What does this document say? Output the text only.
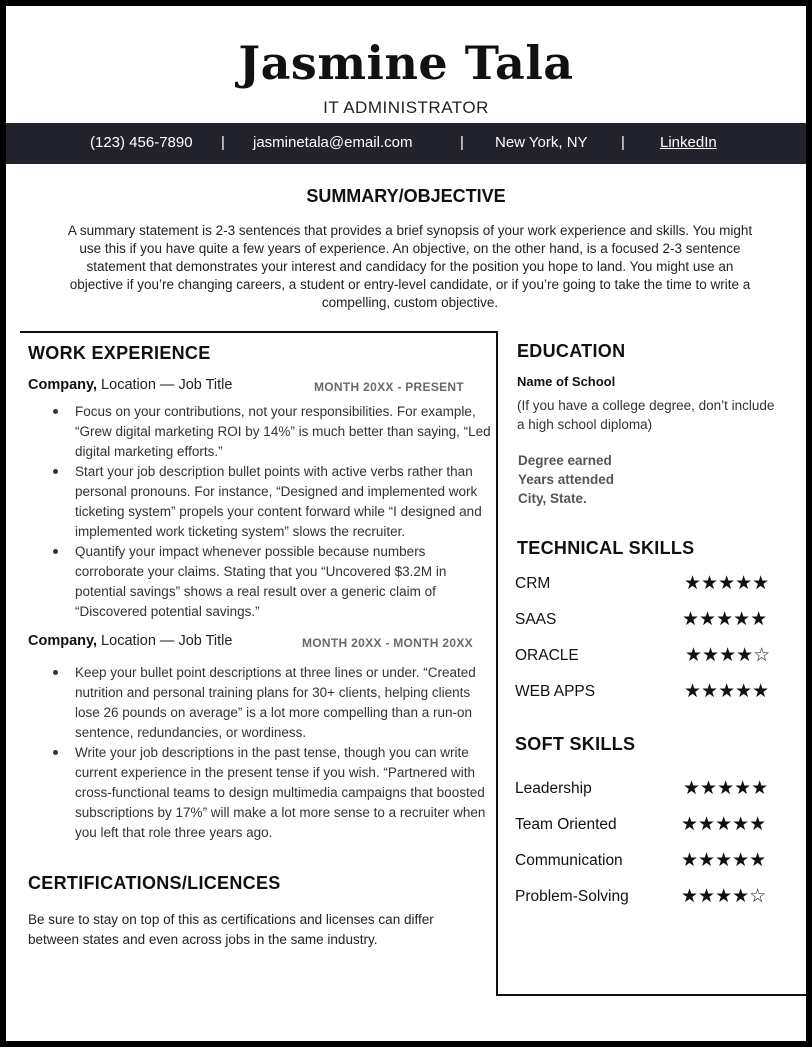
Jasmine Tala
IT ADMINISTRATOR
(123) 456-7890 | jasminetala@email.com	| New York, NY | LinkedIn
SUMMARY/OBJECTIVE
A summary statement is 2-3 sentences that provides a brief synopsis of your work experience and skills. You might use this if you have quite a few years of experience. An objective, on the other hand, is a focused 2-3 sentence statement that demonstrates your interest and candidacy for the position you hope to land. You might use an objective if you’re changing careers, a student or entry-level candidate, or if you’re going to take the time to write a compelling, custom objective.
WORK EXPERIENCE
Company, Location — Job Title	MONTH 20XX - PRESENT
Focus on your contributions, not your responsibilities. For example, “Grew digital marketing ROI by 14%” is much better than saying, “Led digital marketing efforts.”
Start your job description bullet points with active verbs rather than personal pronouns. For instance, “Designed and implemented work ticketing system” propels your content forward while “I designed and implemented work ticketing system” slows the recruiter.
Quantify your impact whenever possible because numbers corroborate your claims. Stating that you “Uncovered $3.2M in potential savings” shows a real result over a generic claim of “Discovered potential savings.”
Company, Location — Job Title	MONTH 20XX - MONTH 20XX
Keep your bullet point descriptions at three lines or under. “Created nutrition and personal training plans for 30+ clients, helping clients lose 26 pounds on average” is a lot more compelling than a run-on sentence, redundancies, or wordiness.
Write your job descriptions in the past tense, though you can write current experience in the present tense if you wish. “Partnered with cross-functional teams to design multimedia campaigns that boosted subscriptions by 17%” will make a lot more sense to a recruiter when you left that role three years ago.
CERTIFICATIONS/LICENCES
Be sure to stay on top of this as certifications and licenses can differ between states and even across jobs in the same industry.
EDUCATION
Name of School
(If you have a college degree, don’t include a high school diploma)
Degree earned
Years attended
City, State.
TECHNICAL SKILLS
CRM	★★★★★
SAAS	★★★★★
ORACLE	★★★★☆
WEB APPS	★★★★★
SOFT SKILLS
Leadership	★★★★★
Team Oriented	★★★★★
Communication	★★★★★
Problem-Solving	★★★★☆
